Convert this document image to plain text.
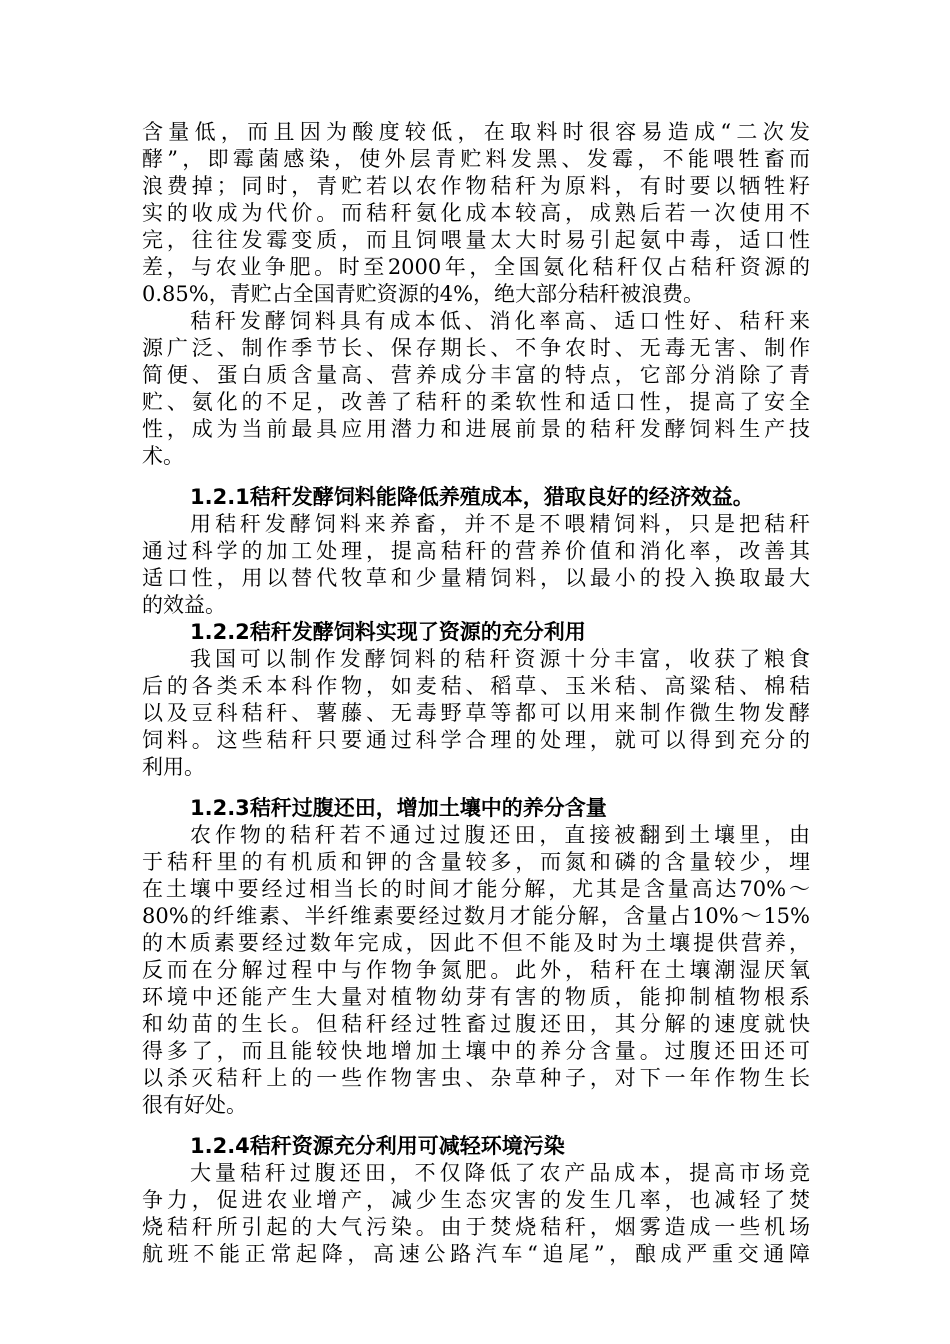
含量低，而且因为酸度较低，在取料时很容易造成“二次发

酵”，即霉菌感染，使外层青贮料发黑、发霉，不能喂牲畜而

浪费掉；同时，青贮若以农作物秸秆为原料，有时要以牺牲籽

实的收成为代价。而秸秆氨化成本较高，成熟后若一次使用不

完，往往发霉变质，而且饲喂量太大时易引起氨中毒，适口性

差，与农业争肥。时至2000年，全国氨化秸秆仅占秸秆资源的

0.85%，青贮占全国青贮资源的4%，绝大部分秸秆被浪费。

秸秆发酵饲料具有成本低、消化率高、适口性好、秸秆来

源广泛、制作季节长、保存期长、不争农时、无毒无害、制作

简便、蛋白质含量高、营养成分丰富的特点，它部分消除了青

贮、氨化的不足，改善了秸秆的柔软性和适口性，提高了安全

性，成为当前最具应用潜力和进展前景的秸秆发酵饲料生产技

术。

1.2.1秸秆发酵饲料能降低养殖成本，猎取良好的经济效益。

用秸秆发酵饲料来养畜，并不是不喂精饲料，只是把秸秆

通过科学的加工处理，提高秸秆的营养价值和消化率，改善其

适口性，用以替代牧草和少量精饲料，以最小的投入换取最大

的效益。

1.2.2秸秆发酵饲料实现了资源的充分利用

我国可以制作发酵饲料的秸秆资源十分丰富，收获了粮食

后的各类禾本科作物，如麦秸、稻草、玉米秸、高粱秸、棉秸

以及豆科秸秆、薯藤、无毒野草等都可以用来制作微生物发酵

饲料。这些秸秆只要通过科学合理的处理，就可以得到充分的

利用。

1.2.3秸秆过腹还田，增加土壤中的养分含量

农作物的秸秆若不通过过腹还田，直接被翻到土壤里，由

于秸秆里的有机质和钾的含量较多，而氮和磷的含量较少，埋

在土壤中要经过相当长的时间才能分解，尤其是含量高达70%～

80%的纤维素、半纤维素要经过数月才能分解，含量占10%～15%

的木质素要经过数年完成，因此不但不能及时为土壤提供营养，

反而在分解过程中与作物争氮肥。此外，秸秆在土壤潮湿厌氧

环境中还能产生大量对植物幼芽有害的物质，能抑制植物根系

和幼苗的生长。但秸秆经过牲畜过腹还田，其分解的速度就快

得多了，而且能较快地增加土壤中的养分含量。过腹还田还可

以杀灭秸秆上的一些作物害虫、杂草种子，对下一年作物生长

很有好处。

1.2.4秸秆资源充分利用可减轻环境污染

大量秸秆过腹还田，不仅降低了农产品成本，提高市场竞

争力，促进农业增产，减少生态灾害的发生几率，也减轻了焚

烧秸秆所引起的大气污染。由于焚烧秸秆，烟雾造成一些机场

航班不能正常起降，高速公路汽车“追尾”，酿成严重交通障
